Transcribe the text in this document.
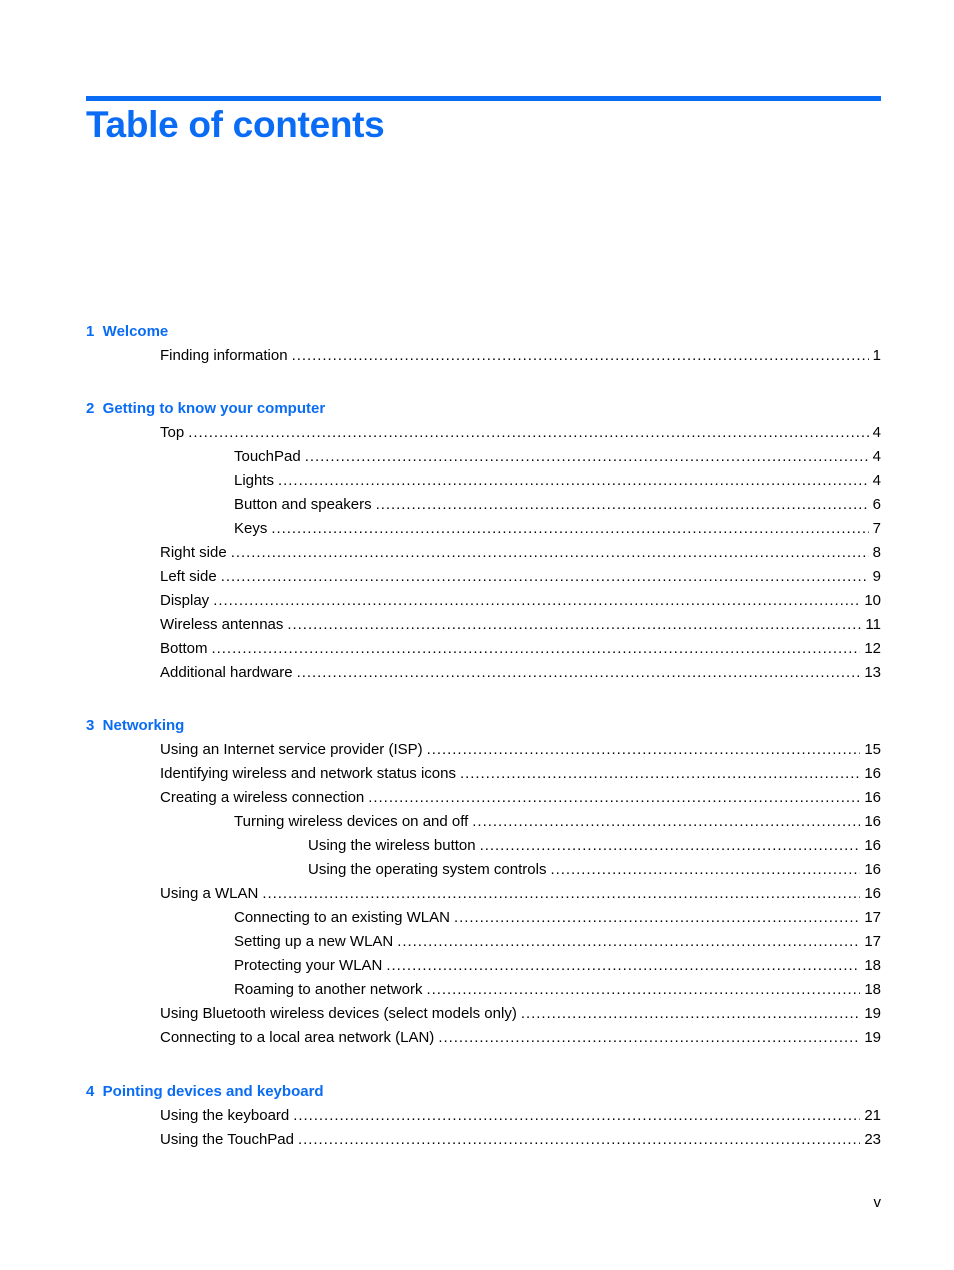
Table of contents
1  Welcome
Finding information . . .	1
2  Getting to know your computer
Top . . .	4
TouchPad . . .	4
Lights . . .	4
Button and speakers . . .	6
Keys . . .	7
Right side . . .	8
Left side . . .	9
Display . . .	10
Wireless antennas . . .	11
Bottom . . .	12
Additional hardware . . .	13
3  Networking
Using an Internet service provider (ISP) . . .	15
Identifying wireless and network status icons . . .	16
Creating a wireless connection . . .	16
Turning wireless devices on and off . . .	16
Using the wireless button . . .	16
Using the operating system controls . . .	16
Using a WLAN . . .	16
Connecting to an existing WLAN . . .	17
Setting up a new WLAN . . .	17
Protecting your WLAN . . .	18
Roaming to another network . . .	18
Using Bluetooth wireless devices (select models only) . . .	19
Connecting to a local area network (LAN) . . .	19
4  Pointing devices and keyboard
Using the keyboard . . .	21
Using the TouchPad . . .	23
v
